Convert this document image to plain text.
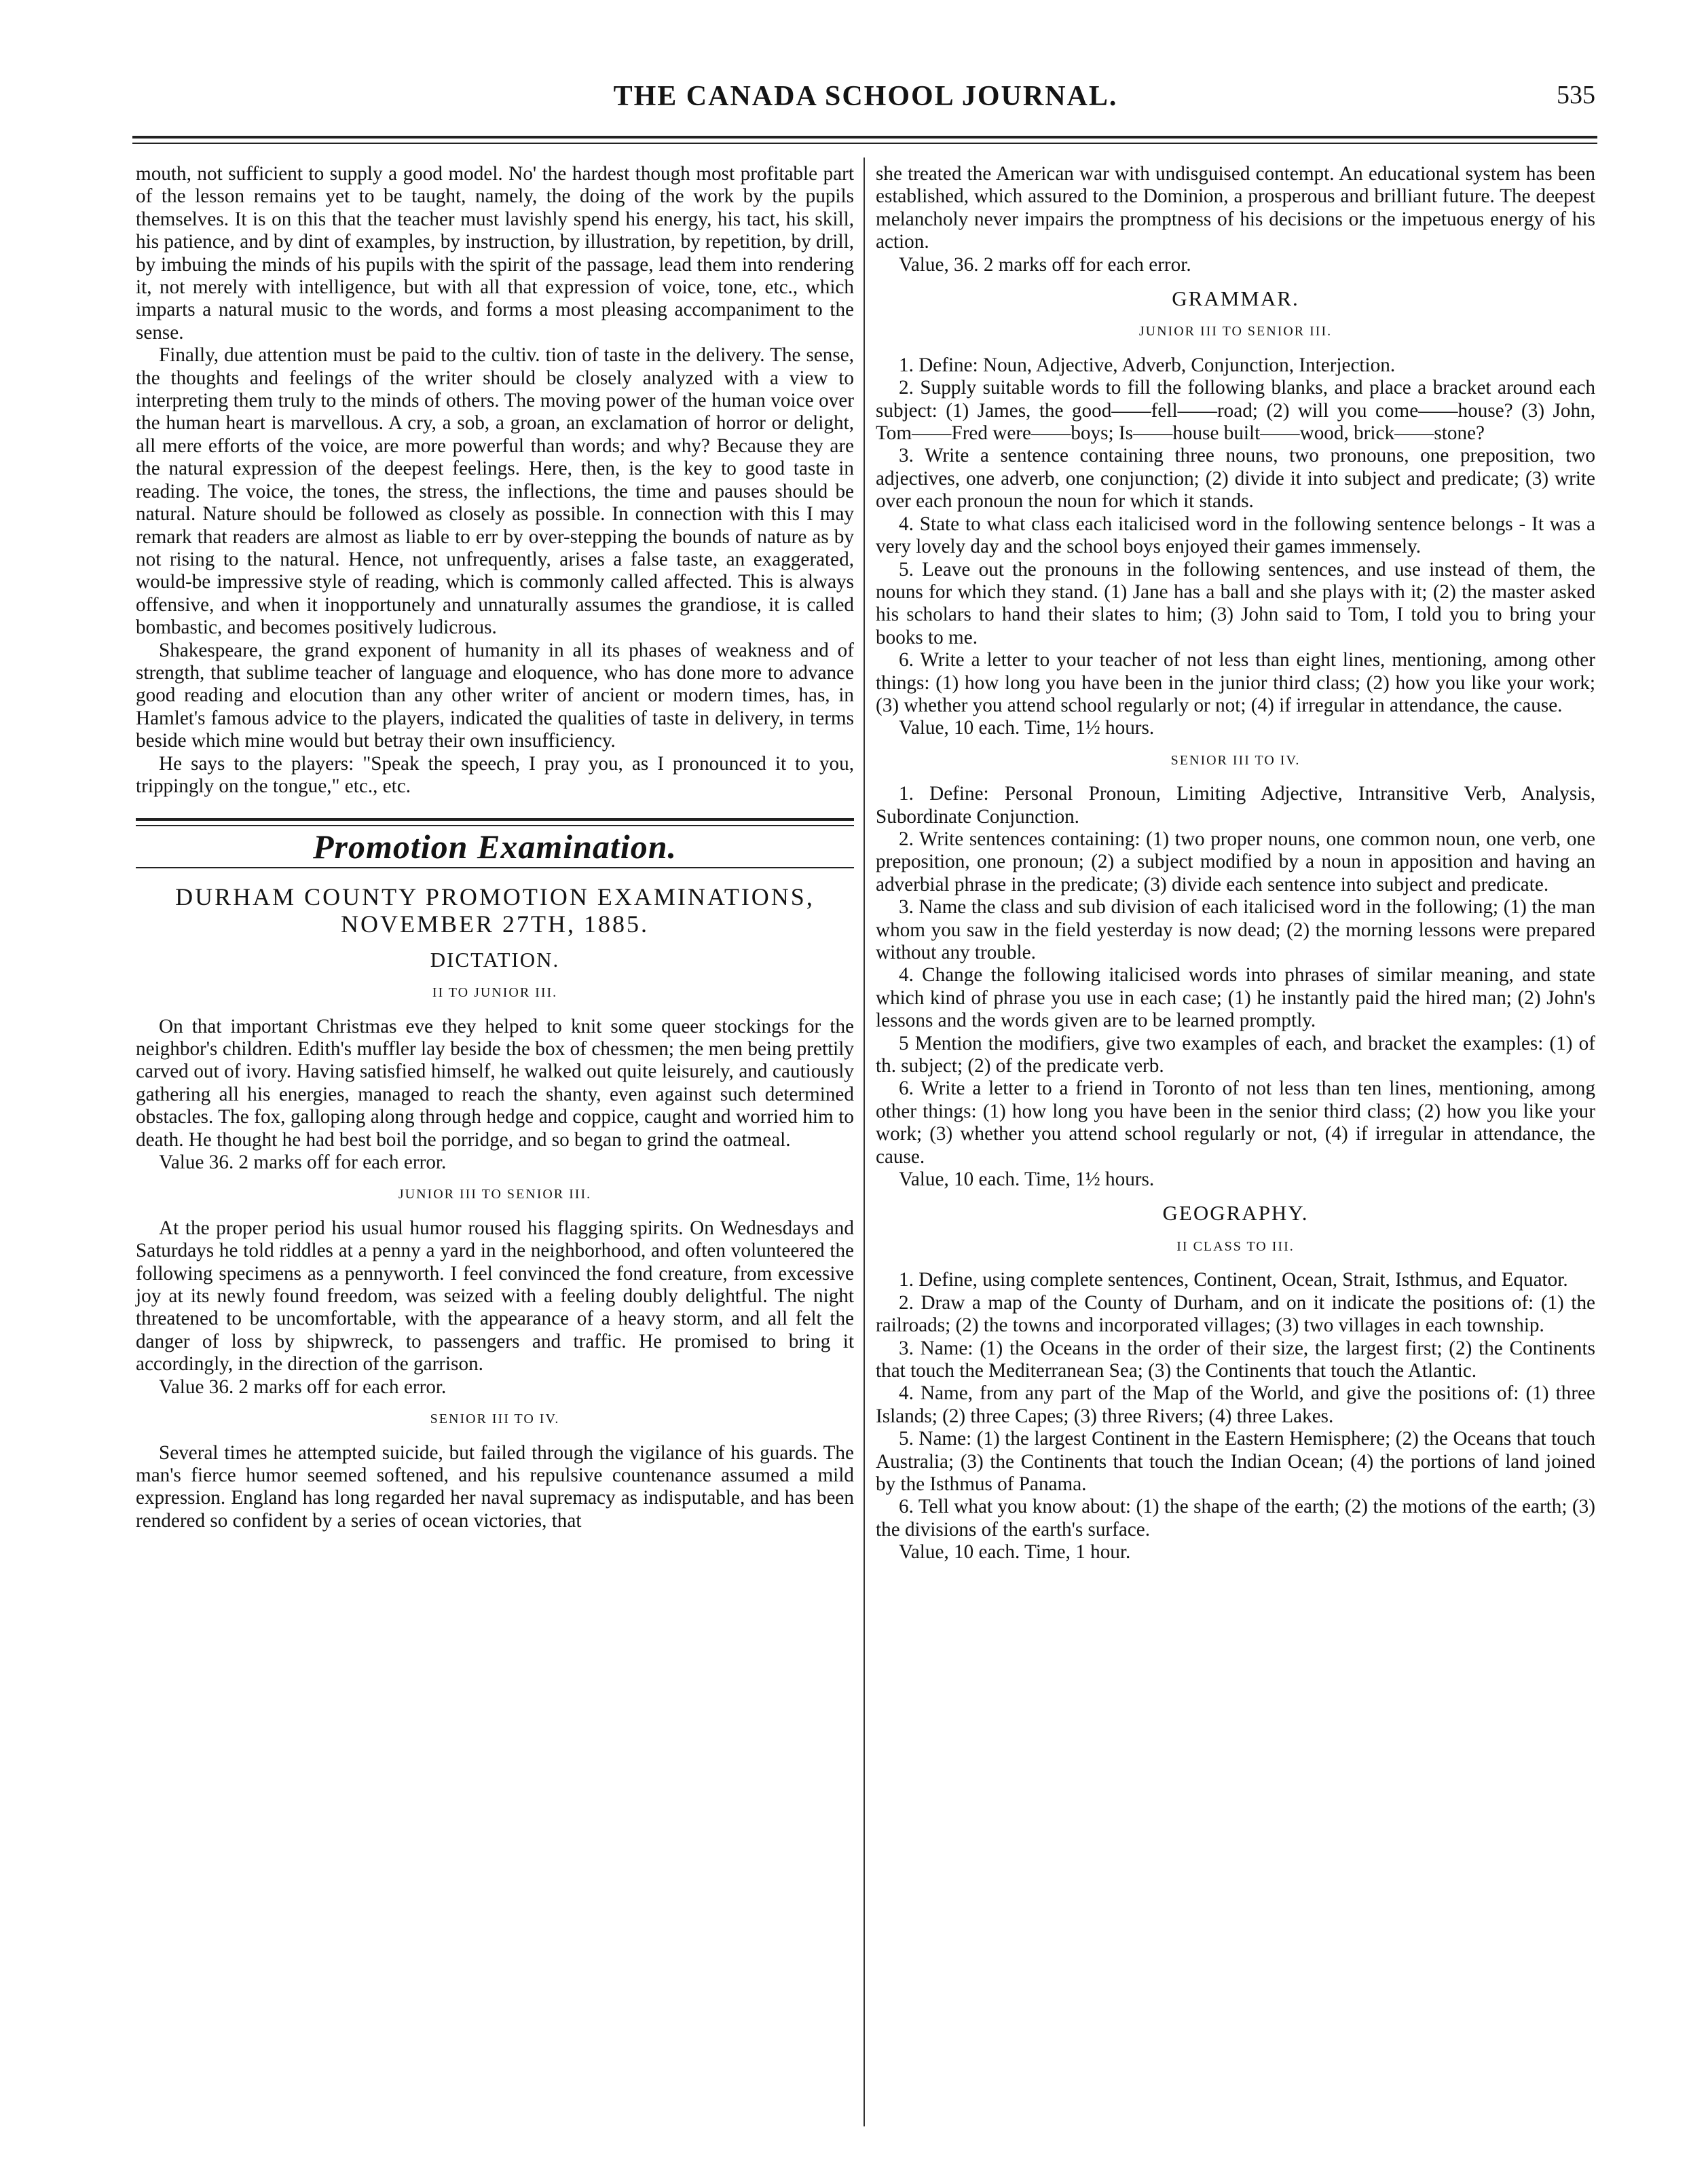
THE CANADA SCHOOL JOURNAL.	535

mouth, not sufficient to supply a good model. No' the hardest though most profitable part of the lesson remains yet to be taught, namely, the doing of the work by the pupils themselves. It is on this that the teacher must lavishly spend his energy, his tact, his skill, his patience, and by dint of examples, by instruction, by illustration, by repetition, by drill, by imbuing the minds of his pupils with the spirit of the passage, lead them into rendering it, not merely with intelligence, but with all that expression of voice, tone, etc., which imparts a natural music to the words, and forms a most pleasing accompaniment to the sense.

Finally, due attention must be paid to the cultiv. tion of taste in the delivery. The sense, the thoughts and feelings of the writer should be closely analyzed with a view to interpreting them truly to the minds of others. The moving power of the human voice over the human heart is marvellous. A cry, a sob, a groan, an exclamation of horror or delight, all mere efforts of the voice, are more powerful than words; and why? Because they are the natural expression of the deepest feelings. Here, then, is the key to good taste in reading. The voice, the tones, the stress, the inflections, the time and pauses should be natural. Nature should be followed as closely as possible. In connection with this I may remark that readers are almost as liable to err by over-stepping the bounds of nature as by not rising to the natural. Hence, not unfrequently, arises a false taste, an exaggerated, would-be impressive style of reading, which is commonly called affected. This is always offensive, and when it inopportunely and unnaturally assumes the grandiose, it is called bombastic, and becomes positively ludicrous.

Shakespeare, the grand exponent of humanity in all its phases of weakness and of strength, that sublime teacher of language and eloquence, who has done more to advance good reading and elocution than any other writer of ancient or modern times, has, in Hamlet's famous advice to the players, indicated the qualities of taste in delivery, in terms beside which mine would but betray their own insufficiency.

He says to the players: "Speak the speech, I pray you, as I pronounced it to you, trippingly on the tongue," etc., etc.

Promotion Examination.
DURHAM COUNTY PROMOTION EXAMINATIONS, NOVEMBER 27TH, 1885.
DICTATION.
II TO JUNIOR III.

On that important Christmas eve they helped to knit some queer stockings for the neighbor's children. Edith's muffler lay beside the box of chessmen; the men being prettily carved out of ivory. Having satisfied himself, he walked out quite leisurely, and cautiously gathering all his energies, managed to reach the shanty, even against such determined obstacles. The fox, galloping along through hedge and coppice, caught and worried him to death. He thought he had best boil the porridge, and so began to grind the oatmeal.

Value 36. 2 marks off for each error.

JUNIOR III TO SENIOR III.

At the proper period his usual humor roused his flagging spirits. On Wednesdays and Saturdays he told riddles at a penny a yard in the neighborhood, and often volunteered the following specimens as a pennyworth. I feel convinced the fond creature, from excessive joy at its newly found freedom, was seized with a feeling doubly delightful. The night threatened to be uncomfortable, with the appearance of a heavy storm, and all felt the danger of loss by shipwreck, to passengers and traffic. He promised to bring it accordingly, in the direction of the garrison.

Value 36. 2 marks off for each error.

SENIOR III TO IV.

Several times he attempted suicide, but failed through the vigilance of his guards. The man's fierce humor seemed softened, and his repulsive countenance assumed a mild expression. England has long regarded her naval supremacy as indisputable, and has been rendered so confident by a series of ocean victories, that

she treated the American war with undisguised contempt. An educational system has been established, which assured to the Dominion, a prosperous and brilliant future. The deepest melancholy never impairs the promptness of his decisions or the impetuous energy of his action.

Value, 36. 2 marks off for each error.

GRAMMAR.
JUNIOR III TO SENIOR III.

1. Define: Noun, Adjective, Adverb, Conjunction, Interjection.

2. Supply suitable words to fill the following blanks, and place a bracket around each subject: (1) James, the good——fell——road; (2) will you come——house? (3) John, Tom——Fred were——boys; Is——house built——wood, brick——stone?

3. Write a sentence containing three nouns, two pronouns, one preposition, two adjectives, one adverb, one conjunction; (2) divide it into subject and predicate; (3) write over each pronoun the noun for which it stands.

4. State to what class each italicised word in the following sentence belongs - It was a very lovely day and the school boys enjoyed their games immensely.

5. Leave out the pronouns in the following sentences, and use instead of them, the nouns for which they stand. (1) Jane has a ball and she plays with it; (2) the master asked his scholars to hand their slates to him; (3) John said to Tom, I told you to bring your books to me.

6. Write a letter to your teacher of not less than eight lines, mentioning, among other things: (1) how long you have been in the junior third class; (2) how you like your work; (3) whether you attend school regularly or not; (4) if irregular in attendance, the cause.

Value, 10 each. Time, 1½ hours.

SENIOR III TO IV.

1. Define: Personal Pronoun, Limiting Adjective, Intransitive Verb, Analysis, Subordinate Conjunction.

2. Write sentences containing: (1) two proper nouns, one common noun, one verb, one preposition, one pronoun; (2) a subject modified by a noun in apposition and having an adverbial phrase in the predicate; (3) divide each sentence into subject and predicate.

3. Name the class and sub division of each italicised word in the following; (1) the man whom you saw in the field yesterday is now dead; (2) the morning lessons were prepared without any trouble.

4. Change the following italicised words into phrases of similar meaning, and state which kind of phrase you use in each case; (1) he instantly paid the hired man; (2) John's lessons and the words given are to be learned promptly.

5 Mention the modifiers, give two examples of each, and bracket the examples: (1) of th. subject; (2) of the predicate verb.

6. Write a letter to a friend in Toronto of not less than ten lines, mentioning, among other things: (1) how long you have been in the senior third class; (2) how you like your work; (3) whether you attend school regularly or not, (4) if irregular in attendance, the cause.

Value, 10 each. Time, 1½ hours.

GEOGRAPHY.
II CLASS TO III.

1. Define, using complete sentences, Continent, Ocean, Strait, Isthmus, and Equator.

2. Draw a map of the County of Durham, and on it indicate the positions of: (1) the railroads; (2) the towns and incorporated villages; (3) two villages in each township.

3. Name: (1) the Oceans in the order of their size, the largest first; (2) the Continents that touch the Mediterranean Sea; (3) the Continents that touch the Atlantic.

4. Name, from any part of the Map of the World, and give the positions of: (1) three Islands; (2) three Capes; (3) three Rivers; (4) three Lakes.

5. Name: (1) the largest Continent in the Eastern Hemisphere; (2) the Oceans that touch Australia; (3) the Continents that touch the Indian Ocean; (4) the portions of land joined by the Isthmus of Panama.

6. Tell what you know about: (1) the shape of the earth; (2) the motions of the earth; (3) the divisions of the earth's surface.

Value, 10 each. Time, 1 hour.
